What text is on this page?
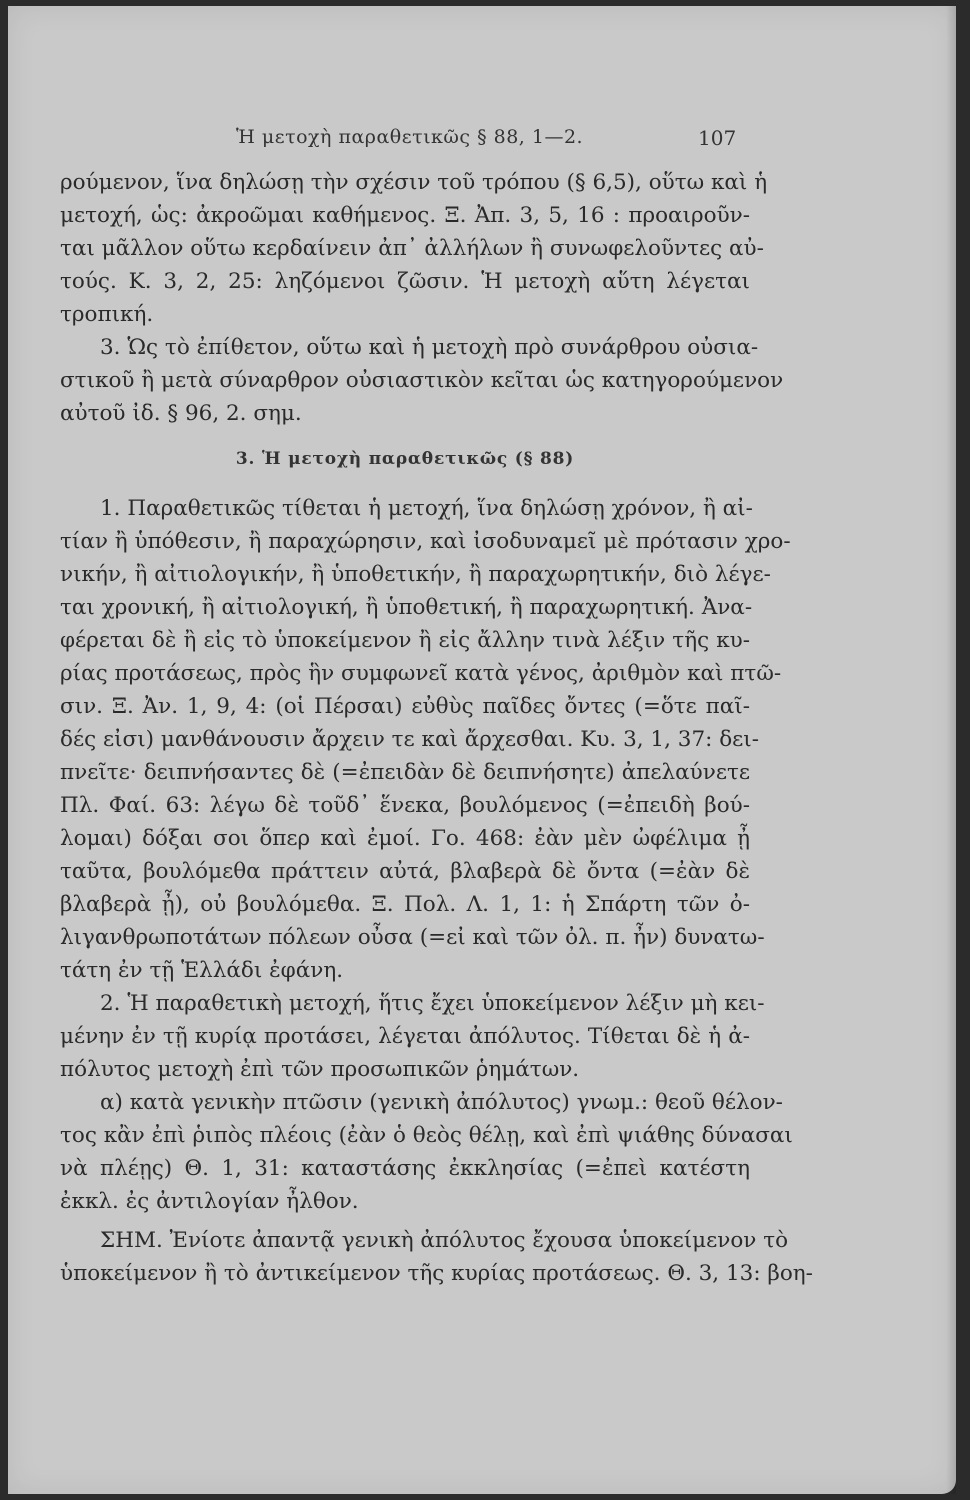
Ἡ μετοχὴ παραθετικῶς § 88, 1—2.	107
ρούμενον, ἵνα δηλώσῃ τὴν σχέσιν τοῦ τρόπου (§ 6,5), οὕτω καὶ ἡ
μετοχή, ὡς: ἀκροῶμαι καθήμενος. Ξ. Ἀπ. 3, 5, 16 : προαιροῦν-
ται μᾶλλον οὕτω κερδαίνειν ἀπ᾽ ἀλλήλων ἢ συνωφελοῦντες αὐ-
τούς. Κ. 3, 2, 25: ληζόμενοι ζῶσιν. Ἡ μετοχὴ αὕτη λέγεται
τροπική.
3. Ὡς τὸ ἐπίθετον, οὕτω καὶ ἡ μετοχὴ πρὸ συνάρθρου οὐσια-
στικοῦ ἢ μετὰ σύναρθρον οὐσιαστικὸν κεῖται ὡς κατηγορούμενον
αὐτοῦ ἰδ. § 96, 2. σημ.
3. Ἡ μετοχὴ παραθετικῶς (§ 88)
1. Παραθετικῶς τίθεται ἡ μετοχή, ἵνα δηλώσῃ χρόνον, ἢ αἰ-
τίαν ἢ ὑπόθεσιν, ἢ παραχώρησιν, καὶ ἰσοδυναμεῖ μὲ πρότασιν χρο-
νικήν, ἢ αἰτιολογικήν, ἢ ὑποθετικήν, ἢ παραχωρητικήν, διὸ λέγε-
ται χρονική, ἢ αἰτιολογική, ἢ ὑποθετική, ἢ παραχωρητική. Ἀνα-
φέρεται δὲ ἢ εἰς τὸ ὑποκείμενον ἢ εἰς ἄλλην τινὰ λέξιν τῆς κυ-
ρίας προτάσεως, πρὸς ἣν συμφωνεῖ κατὰ γένος, ἀριθμὸν καὶ πτῶ-
σιν. Ξ. Ἀν. 1, 9, 4: (οἱ Πέρσαι) εὐθὺς παῖδες ὄντες (=ὅτε παῖ-
δές εἰσι) μανθάνουσιν ἄρχειν τε καὶ ἄρχεσθαι. Κυ. 3, 1, 37: δει-
πνεῖτε· δειπνήσαντες δὲ (=ἐπειδὰν δὲ δειπνήσητε) ἀπελαύνετε
Πλ. Φαί. 63: λέγω δὲ τοῦδ᾽ ἕνεκα, βουλόμενος (=ἐπειδὴ βού-
λομαι) δόξαι σοι ὅπερ καὶ ἐμοί. Γο. 468: ἐὰν μὲν ὠφέλιμα ᾖ
ταῦτα, βουλόμεθα πράττειν αὐτά, βλαβερὰ δὲ ὄντα (=ἐὰν δὲ
βλαβερὰ ᾖ), οὐ βουλόμεθα. Ξ. Πολ. Λ. 1, 1: ἡ Σπάρτη τῶν ὀ-
λιγανθρωποτάτων πόλεων οὖσα (=εἰ καὶ τῶν ὀλ. π. ἦν) δυνατω-
τάτη ἐν τῇ Ἑλλάδι ἐφάνη.
2. Ἡ παραθετικὴ μετοχή, ἥτις ἔχει ὑποκείμενον λέξιν μὴ κει-
μένην ἐν τῇ κυρίᾳ προτάσει, λέγεται ἀπόλυτος. Τίθεται δὲ ἡ ἀ-
πόλυτος μετοχὴ ἐπὶ τῶν προσωπικῶν ῥημάτων.
α) κατὰ γενικὴν πτῶσιν (γενικὴ ἀπόλυτος) γνωμ.: θεοῦ θέλον-
τος κἂν ἐπὶ ῥιπὸς πλέοις (ἐὰν ὁ θεὸς θέλῃ, καὶ ἐπὶ ψιάθης δύνασαι
νὰ πλέῃς) Θ. 1, 31: καταστάσης ἐκκλησίας (=ἐπεὶ κατέστη
ἐκκλ. ἐς ἀντιλογίαν ἦλθον.
ΣΗΜ. Ἐνίοτε ἀπαντᾷ γενικὴ ἀπόλυτος ἔχουσα ὑποκείμενον τὸ
ὑποκείμενον ἢ τὸ ἀντικείμενον τῆς κυρίας προτάσεως. Θ. 3, 13: βοη-
